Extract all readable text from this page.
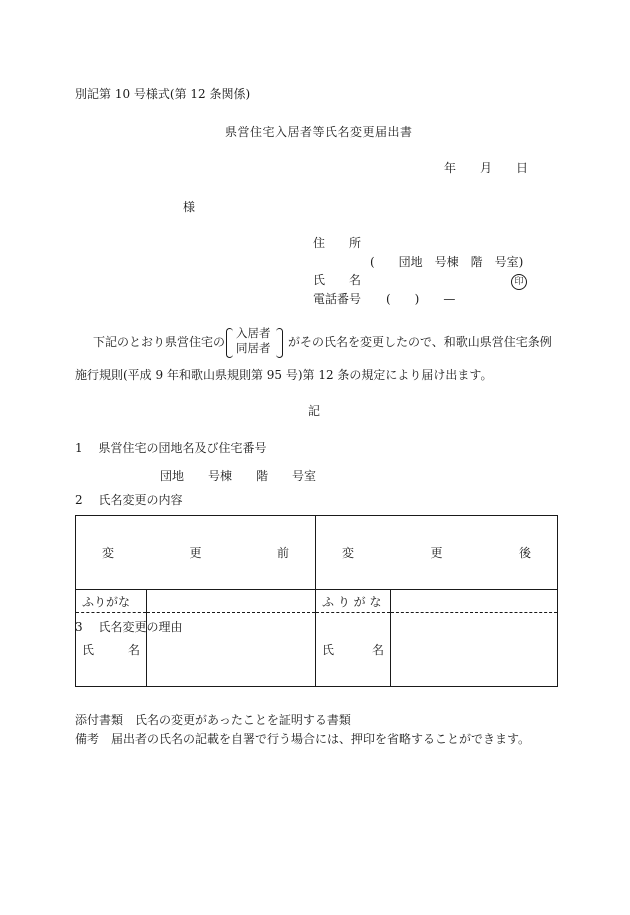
別記第 10 号様式(第 12 条関係)
県営住宅入居者等氏名変更届出書
年　　月　　日
様
住　　所
(　　団地　号棟　階　号室)
氏　　名	印
電話番号 (　　)　　—
下記のとおり県営住宅の
入居者
同居者 がその氏名を変更したので、和歌山県営住宅条例
施行規則(平成 9 年和歌山県規則第 95 号)第 12 条の規定により届け出ます。
記
1　 県営住宅の団地名及び住宅番号
団地　　号棟　　階　　号室
2　 氏名変更の内容

変 更 前		変 更 後	

ふりがな		ふ り が な	

氏 名		氏 名	

3　 氏名変更の理由
添付書類　氏名の変更があったことを証明する書類
備考　届出者の氏名の記載を自署で行う場合には、押印を省略することができます。
